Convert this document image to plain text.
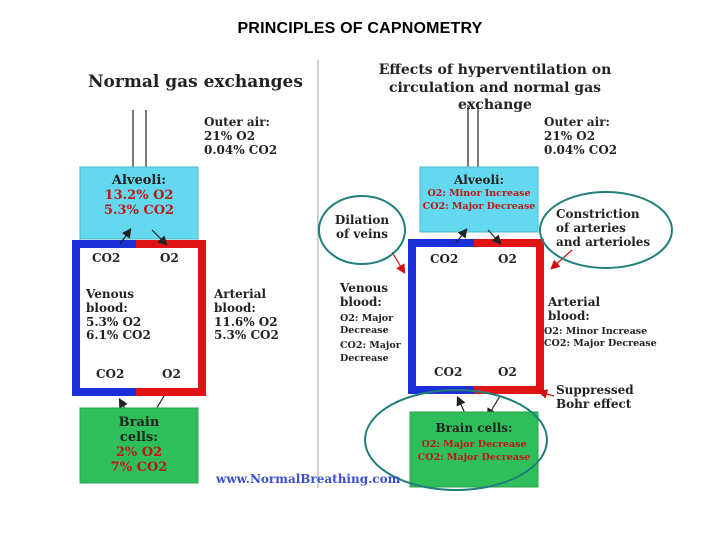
PRINCIPLES OF CAPNOMETRY
Normal gas exchanges
Outer air:
21% O2
0.04% CO2
Alveoli:
13.2% O2
5.3% CO2
CO2	O2
Venous
blood:
5.3% O2
6.1% CO2
Arterial
blood:
11.6% O2
5.3% CO2
CO2	O2
Brain
cells:
2% O2
7% CO2
www.NormalBreathing.com
Effects of hyperventilation on
circulation and normal gas exchange
Outer air:
21% O2
0.04% CO2
Alveoli:
O2: Minor Increase
CO2: Major Decrease
Dilation
of veins
Constriction
of arteries
and arterioles
CO2	O2
Venous
blood:
O2: Major
Decrease
CO2: Major
Decrease
Arterial
blood:
O2: Minor Increase
CO2: Major Decrease
CO2	O2
Suppressed
Bohr effect
Brain cells:
O2: Major Decrease
CO2: Major Decrease
